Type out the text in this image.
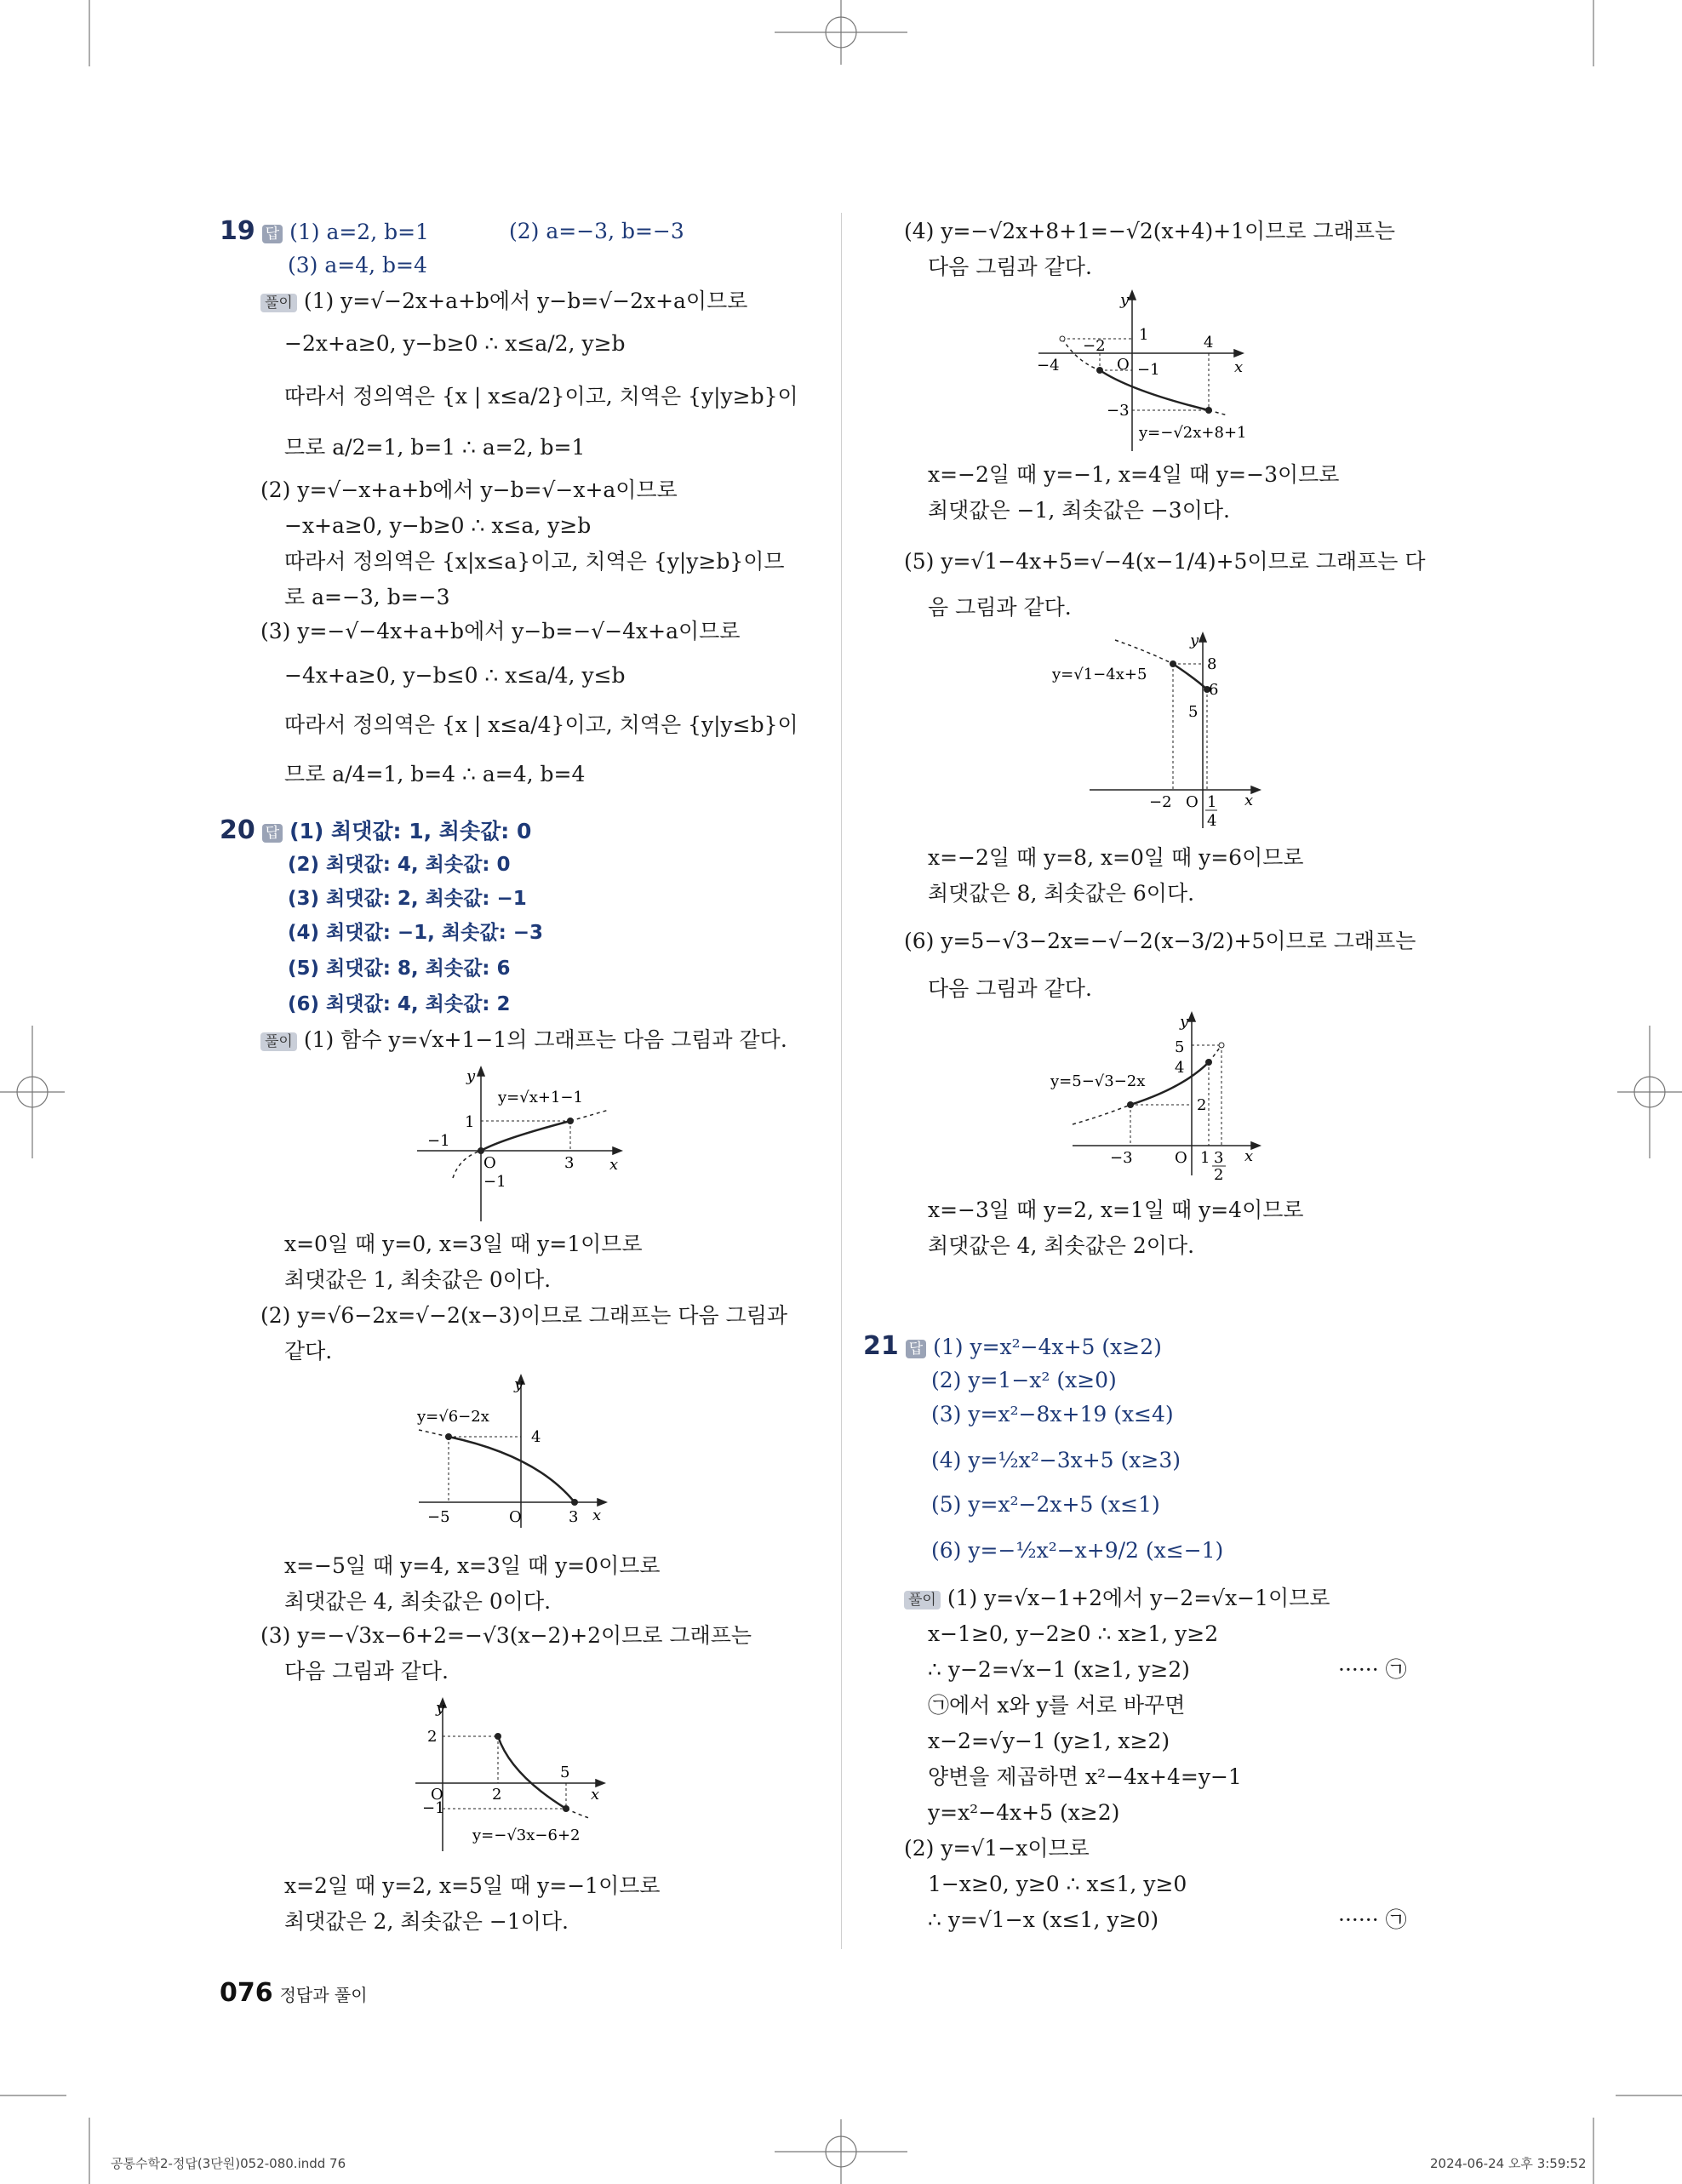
19 답 (1) a=2, b=1	(2) a=−3, b=−3
(3) a=4, b=4
풀이 (1) y=√−2x+a+b에서 y−b=√−2x+a이므로
−2x+a≥0, y−b≥0 ∴ x≤a/2, y≥b
따라서 정의역은 {x | x≤a/2}이고, 치역은 {y|y≥b}이
므로 a/2=1, b=1 ∴ a=2, b=1
(2) y=√−x+a+b에서 y−b=√−x+a이므로
−x+a≥0, y−b≥0 ∴ x≤a, y≥b
따라서 정의역은 {x|x≤a}이고, 치역은 {y|y≥b}이므
로 a=−3, b=−3
(3) y=−√−4x+a+b에서 y−b=−√−4x+a이므로
−4x+a≥0, y−b≤0 ∴ x≤a/4, y≤b
따라서 정의역은 {x | x≤a/4}이고, 치역은 {y|y≤b}이
므로 a/4=1, b=4 ∴ a=4, b=4
20 답 (1) 최댓값: 1, 최솟값: 0
(2) 최댓값: 4, 최솟값: 0
(3) 최댓값: 2, 최솟값: −1
(4) 최댓값: −1, 최솟값: −3
(5) 최댓값: 8, 최솟값: 6
(6) 최댓값: 4, 최솟값: 2
풀이 (1) 함수 y=√x+1−1의 그래프는 다음 그림과 같다.
y
x
y=√x+1−1
1
−1
O	3
−1
x=0일 때 y=0, x=3일 때 y=1이므로
최댓값은 1, 최솟값은 0이다.
(2) y=√6−2x=√−2(x−3)이므로 그래프는 다음 그림과
같다.
y
x
y=√6−2x
4
−5	O	3
x=−5일 때 y=4, x=3일 때 y=0이므로
최댓값은 4, 최솟값은 0이다.
(3) y=−√3x−6+2=−√3(x−2)+2이므로 그래프는
다음 그림과 같다.
y
x
2
O
−1
2
5
y=−√3x−6+2
x=2일 때 y=2, x=5일 때 y=−1이므로
최댓값은 2, 최솟값은 −1이다.
(4) y=−√2x+8+1=−√2(x+4)+1이므로 그래프는
다음 그림과 같다.
y
x
1
−2	4
−4	O −1
−3
y=−√2x+8+1
x=−2일 때 y=−1, x=4일 때 y=−3이므로
최댓값은 −1, 최솟값은 −3이다.
(5) y=√1−4x+5=√−4(x−1/4)+5이므로 그래프는 다
음 그림과 같다.
y
x
y=√1−4x+5
8
6
5
−2 O 1
4
x=−2일 때 y=8, x=0일 때 y=6이므로
최댓값은 8, 최솟값은 6이다.
(6) y=5−√3−2x=−√−2(x−3/2)+5이므로 그래프는
다음 그림과 같다.
y
x
5
4
y=5−√3−2x
2
−3	O 1 3
2
x=−3일 때 y=2, x=1일 때 y=4이므로
최댓값은 4, 최솟값은 2이다.
21 답 (1) y=x²−4x+5 (x≥2)
(2) y=1−x² (x≥0)
(3) y=x²−8x+19 (x≤4)
(4) y=½x²−3x+5 (x≥3)
(5) y=x²−2x+5 (x≤1)
(6) y=−½x²−x+9/2 (x≤−1)
풀이 (1) y=√x−1+2에서 y−2=√x−1이므로
x−1≥0, y−2≥0 ∴ x≥1, y≥2
∴ y−2=√x−1 (x≥1, y≥2)	······ ㉠
㉠에서 x와 y를 서로 바꾸면
x−2=√y−1 (y≥1, x≥2)
양변을 제곱하면 x²−4x+4=y−1
y=x²−4x+5 (x≥2)
(2) y=√1−x이므로
1−x≥0, y≥0 ∴ x≤1, y≥0
∴ y=√1−x (x≤1, y≥0)	······ ㉠
076 정답과 풀이
공통수학2-정답(3단원)052-080.indd 76	2024-06-24 오후 3:59:52
